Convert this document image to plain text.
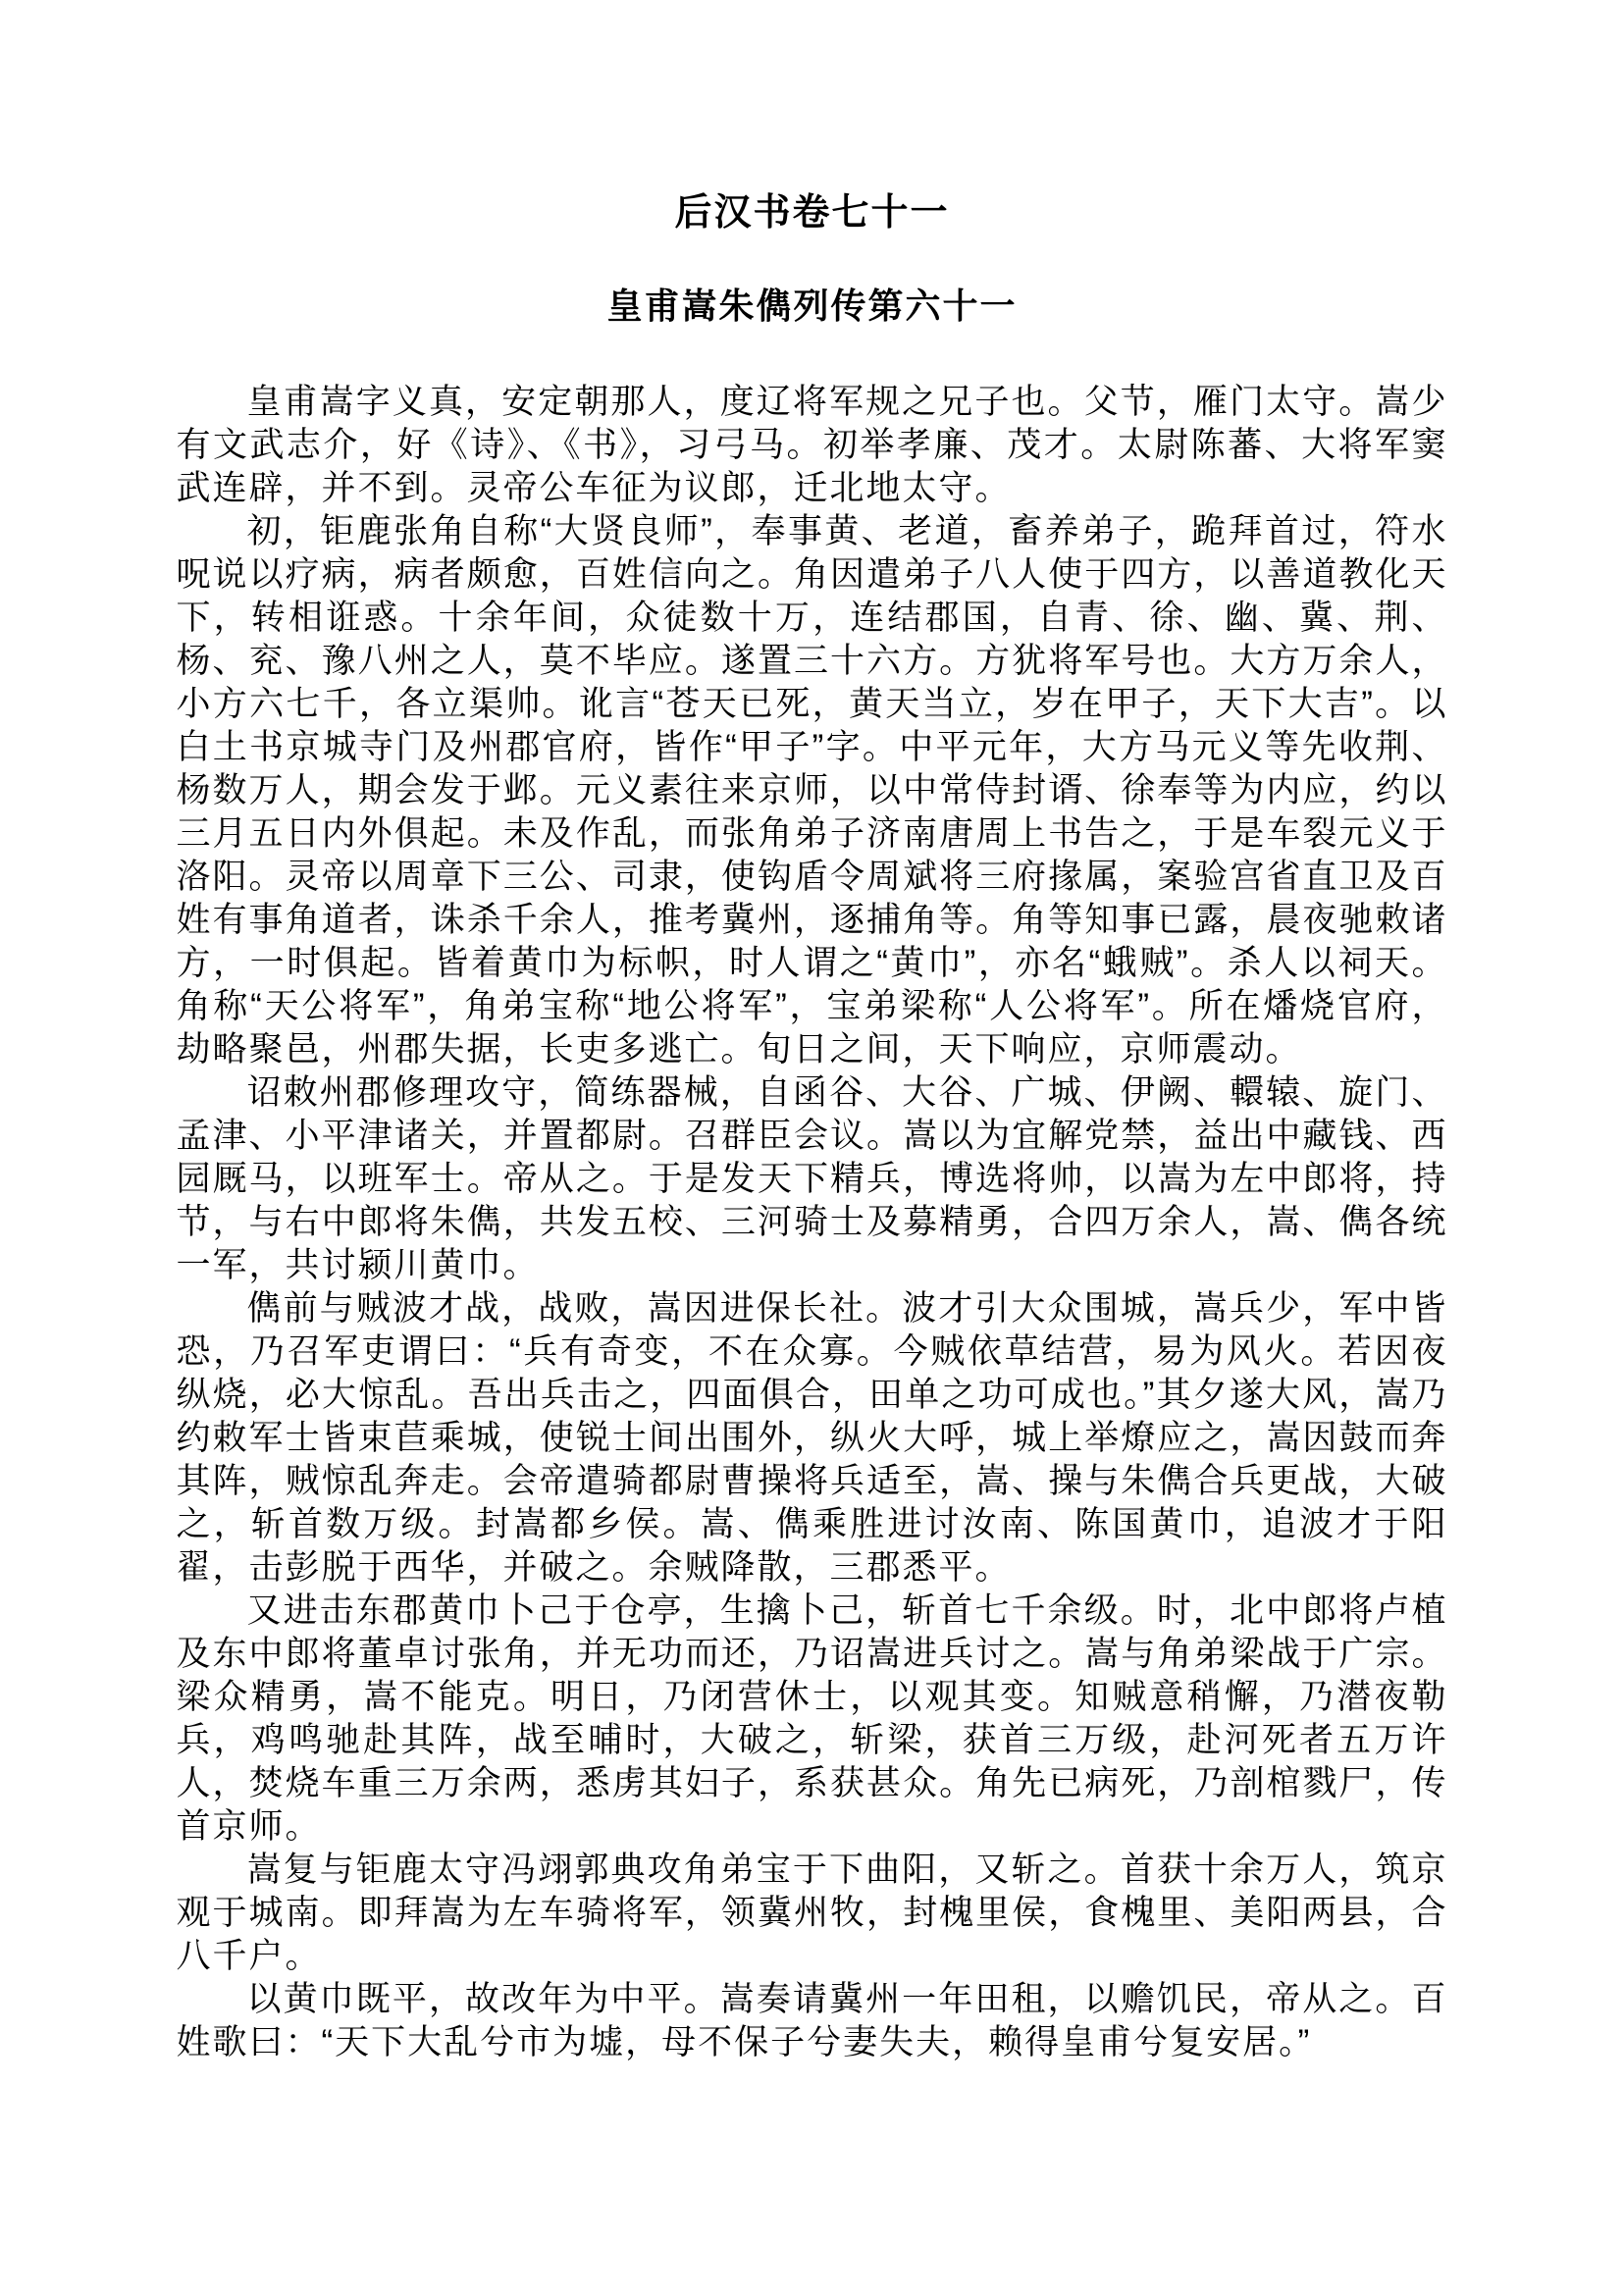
后汉书卷七十一
皇甫嵩朱儁列传第六十一

皇甫嵩字义真，安定朝那人，度辽将军规之兄子也。父节，雁门太守。嵩少有文武志介，好《诗》、《书》，习弓马。初举孝廉、茂才。太尉陈蕃、大将军窦武连辟，并不到。灵帝公车征为议郎，迁北地太守。

初，钜鹿张角自称“大贤良师”，奉事黄、老道，畜养弟子，跪拜首过，符水呪说以疗病，病者颇愈，百姓信向之。角因遣弟子八人使于四方，以善道教化天下，转相诳惑。十余年间，众徒数十万，连结郡国，自青、徐、幽、冀、荆、杨、兖、豫八州之人，莫不毕应。遂置三十六方。方犹将军号也。大方万余人，小方六七千，各立渠帅。讹言“苍天已死，黄天当立，岁在甲子，天下大吉”。以白土书京城寺门及州郡官府，皆作“甲子”字。中平元年，大方马元义等先收荆、杨数万人，期会发于邺。元义素往来京师，以中常侍封谞、徐奉等为内应，约以三月五日内外俱起。未及作乱，而张角弟子济南唐周上书告之，于是车裂元义于洛阳。灵帝以周章下三公、司隶，使钩盾令周斌将三府掾属，案验宫省直卫及百姓有事角道者，诛杀千余人，推考冀州，逐捕角等。角等知事已露，晨夜驰敕诸方，一时俱起。皆着黄巾为标帜，时人谓之“黄巾”，亦名“蛾贼”。杀人以祠天。角称“天公将军”，角弟宝称“地公将军”，宝弟梁称“人公将军”。所在燔烧官府，劫略聚邑，州郡失据，长吏多逃亡。旬日之间，天下响应，京师震动。

诏敕州郡修理攻守，简练器械，自函谷、大谷、广城、伊阙、轘辕、旋门、孟津、小平津诸关，并置都尉。召群臣会议。嵩以为宜解党禁，益出中藏钱、西园厩马，以班军士。帝从之。于是发天下精兵，博选将帅，以嵩为左中郎将，持节，与右中郎将朱儁，共发五校、三河骑士及募精勇，合四万余人，嵩、儁各统一军，共讨颍川黄巾。

儁前与贼波才战，战败，嵩因进保长社。波才引大众围城，嵩兵少，军中皆恐，乃召军吏谓曰：“兵有奇变，不在众寡。今贼依草结营，易为风火。若因夜纵烧，必大惊乱。吾出兵击之，四面俱合，田单之功可成也。”其夕遂大风，嵩乃约敕军士皆束苣乘城，使锐士间出围外，纵火大呼，城上举燎应之，嵩因鼓而奔其阵，贼惊乱奔走。会帝遣骑都尉曹操将兵适至，嵩、操与朱儁合兵更战，大破之，斩首数万级。封嵩都乡侯。嵩、儁乘胜进讨汝南、陈国黄巾，追波才于阳翟，击彭脱于西华，并破之。余贼降散，三郡悉平。

又进击东郡黄巾卜己于仓亭，生擒卜己，斩首七千余级。时，北中郎将卢植及东中郎将董卓讨张角，并无功而还，乃诏嵩进兵讨之。嵩与角弟梁战于广宗。梁众精勇，嵩不能克。明日，乃闭营休士，以观其变。知贼意稍懈，乃潜夜勒兵，鸡鸣驰赴其阵，战至晡时，大破之，斩梁，获首三万级，赴河死者五万许人，焚烧车重三万余两，悉虏其妇子，系获甚众。角先已病死，乃剖棺戮尸，传首京师。

嵩复与钜鹿太守冯翊郭典攻角弟宝于下曲阳，又斩之。首获十余万人，筑京观于城南。即拜嵩为左车骑将军，领冀州牧，封槐里侯，食槐里、美阳两县，合八千户。

以黄巾既平，故改年为中平。嵩奏请冀州一年田租，以赡饥民，帝从之。百姓歌曰：“天下大乱兮市为墟，母不保子兮妻失夫，赖得皇甫兮复安居。”
